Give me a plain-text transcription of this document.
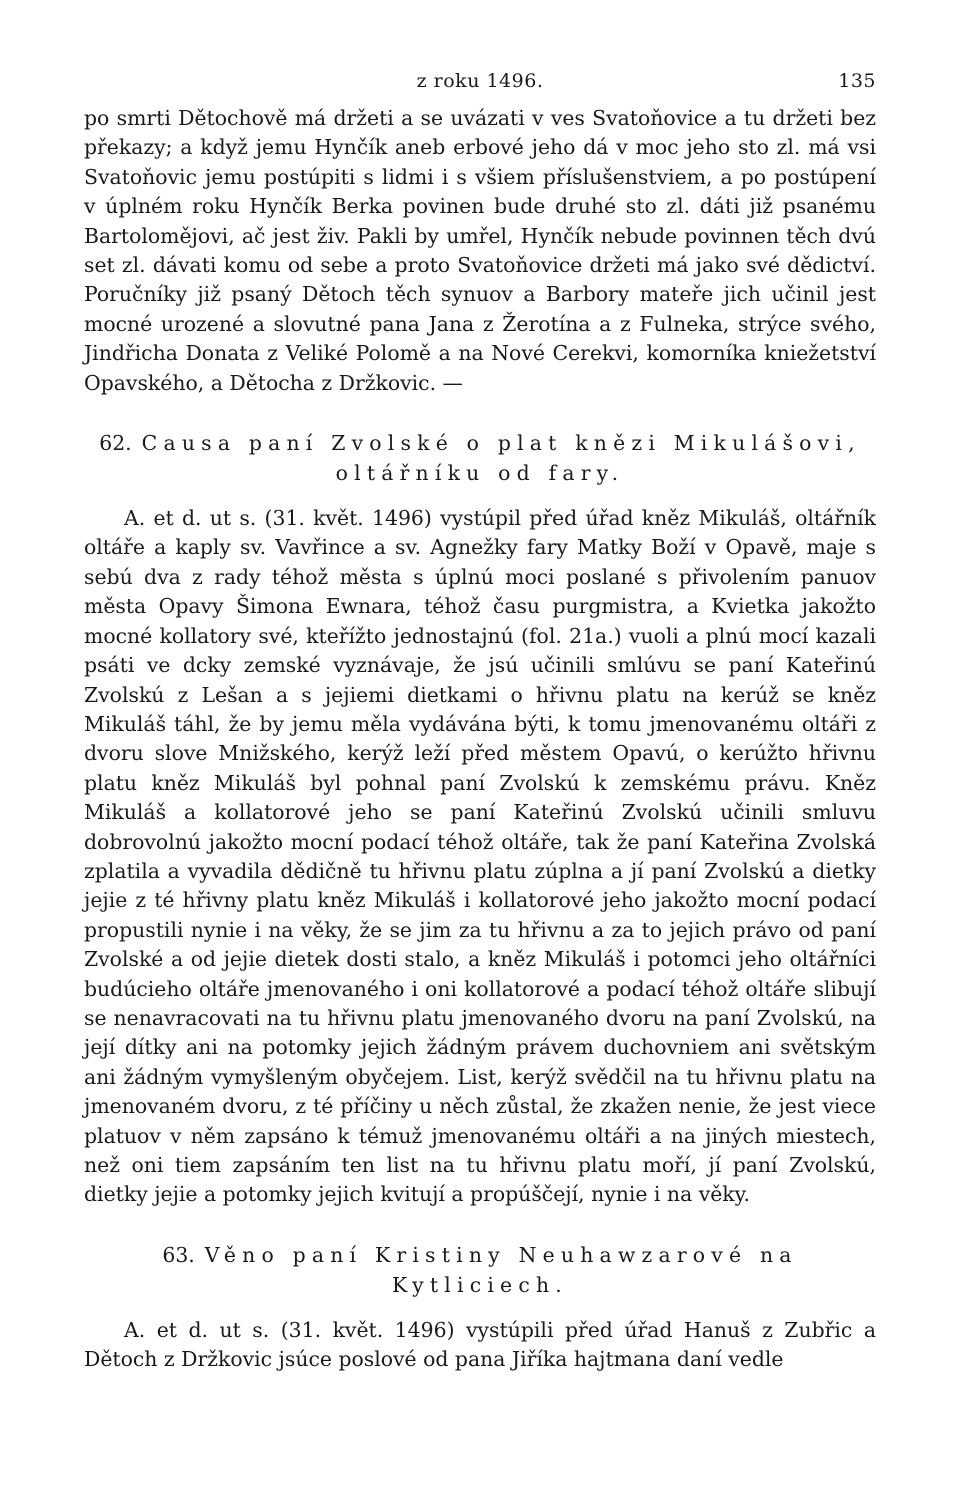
z roku 1496.	135

po smrti Dětochově má držeti a se uvázati v ves Svatoňovice a tu držeti bez překazy; a když jemu Hynčík aneb erbové jeho dá v moc jeho sto zl. má vsi Svatoňovic jemu postúpiti s lidmi i s všiem příslušenstviem, a po postúpení v úplném roku Hynčík Berka povinen bude druhé sto zl. dáti již psanému Bartolomějovi, ač jest živ. Pakli by umřel, Hynčík nebude povinnen těch dvú set zl. dávati komu od sebe a proto Svatoňovice držeti má jako své dědictví. Poručníky již psaný Dětoch těch synuov a Barbory mateře jich učinil jest mocné urozené a slovutné pana Jana z Žerotína a z Fulneka, strýce svého, Jindřicha Donata z Veliké Polomě a na Nové Cerekvi, komorníka kniežetství Opavského, a Dětocha z Držkovic. —

62. Causa paní Zvolské o plat knězi Mikulášovi,

oltářníku od fary.

A. et d. ut s. (31. květ. 1496) vystúpil před úřad kněz Mikuláš, oltářník oltáře a kaply sv. Vavřince a sv. Agnežky fary Matky Boží v Opavě, maje s sebú dva z rady téhož města s úplnú moci poslané s přivolením panuov města Opavy Šimona Ewnara, téhož času purgmistra, a Kvietka jakožto mocné kollatory své, kteřížto jednostajnú (fol. 21a.) vuoli a plnú mocí kazali psáti ve dcky zemské vyznávaje, že jsú učinili smlúvu se paní Kateřinú Zvolskú z Lešan a s jejiemi dietkami o hřivnu platu na kerúž se kněz Mikuláš táhl, že by jemu měla vydávána býti, k tomu jmenovanému oltáři z dvoru slove Mnižského, kerýž leží před městem Opavú, o kerúžto hřivnu platu kněz Mikuláš byl pohnal paní Zvolskú k zemskému právu. Kněz Mikuláš a kollatorové jeho se paní Kateřinú Zvolskú učinili smluvu dobrovolnú jakožto mocní podací téhož oltáře, tak že paní Kateřina Zvolská zplatila a vyvadila dědičně tu hřivnu platu zúplna a jí paní Zvolskú a dietky jejie z té hřivny platu kněz Mikuláš i kollatorové jeho jakožto mocní podací propustili nynie i na věky, že se jim za tu hřivnu a za to jejich právo od paní Zvolské a od jejie dietek dosti stalo, a kněz Mikuláš i potomci jeho oltářníci budúcieho oltáře jmenovaného i oni kollatorové a podací téhož oltáře slibují se nenavracovati na tu hřivnu platu jmenovaného dvoru na paní Zvolskú, na její dítky ani na potomky jejich žádným právem duchovniem ani světským ani žádným vymyšleným obyčejem. List, kerýž svědčil na tu hřivnu platu na jmenovaném dvoru, z té příčiny u něch zůstal, že zkažen nenie, že jest viece platuov v něm zapsáno k témuž jmenovanému oltáři a na jiných miestech, než oni tiem zapsáním ten list na tu hřivnu platu moří, jí paní Zvolskú, dietky jejie a potomky jejich kvitují a propúščejí, nynie i na věky.

63. Věno paní Kristiny Neuhawzarové na Kytliciech.

A. et d. ut s. (31. květ. 1496) vystúpili před úřad Hanuš z Zubřic a Dětoch z Držkovic jsúce poslové od pana Jiříka hajtmana daní vedle
